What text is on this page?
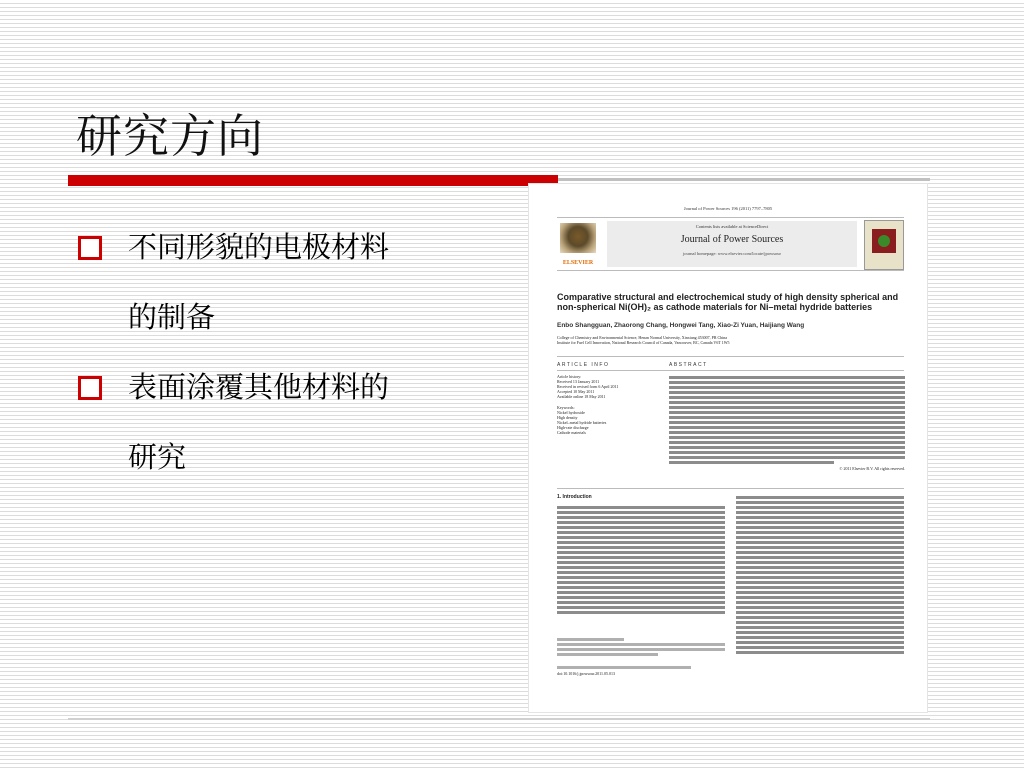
研究方向
不同形貌的电极材料
的制备
表面涂覆其他材料的
研究
Journal of Power Sources 196 (2011) 7797–7805
ELSEVIER
Contents lists available at ScienceDirect
Journal of Power Sources
journal homepage: www.elsevier.com/locate/jpowsour
Comparative structural and electrochemical study of high density spherical and non-spherical Ni(OH)₂ as cathode materials for Ni–metal hydride batteries
Enbo Shangguan, Zhaorong Chang, Hongwei Tang, Xiao-Zi Yuan, Haijiang Wang
College of Chemistry and Environmental Science, Henan Normal University, Xinxiang 453007, PR China
Institute for Fuel Cell Innovation, National Research Council of Canada, Vancouver, BC, Canada V6T 1W5
ARTICLE INFO	ABSTRACT
Article history:
Received 13 January 2011
Received in revised form 6 April 2011
Accepted 10 May 2011
Available online 18 May 2011
Keywords:
Nickel hydroxide
High density
Nickel–metal hydride batteries
High-rate discharge
Cathode materials
© 2011 Elsevier B.V. All rights reserved.
1. Introduction
doi:10.1016/j.jpowsour.2011.05.013
